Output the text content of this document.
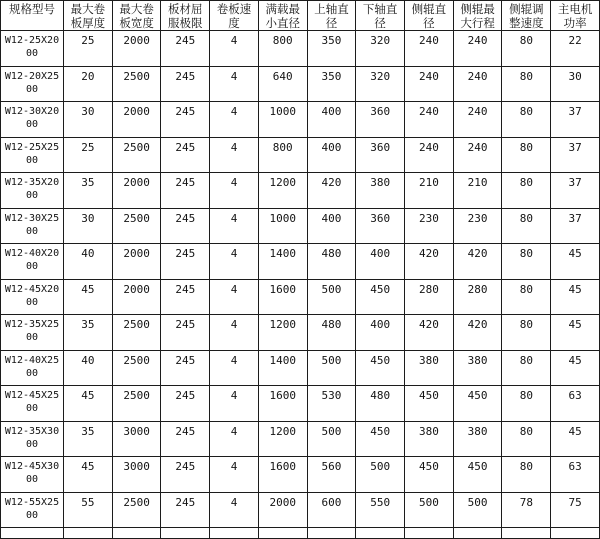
规格型号	最大卷板厚度	最大卷板宽度	板材屈服极限	卷板速度	满载最小直径	上轴直径	下轴直径	侧辊直径	侧辊最大行程	侧辊调整速度	主电机功率
W12-25X2000	25	2000	245	4	800	350	320	240	240	80	22
W12-20X2500	20	2500	245	4	640	350	320	240	240	80	30
W12-30X2000	30	2000	245	4	1000	400	360	240	240	80	37
W12-25X2500	25	2500	245	4	800	400	360	240	240	80	37
W12-35X2000	35	2000	245	4	1200	420	380	210	210	80	37
W12-30X2500	30	2500	245	4	1000	400	360	230	230	80	37
W12-40X2000	40	2000	245	4	1400	480	400	420	420	80	45
W12-45X2000	45	2000	245	4	1600	500	450	280	280	80	45
W12-35X2500	35	2500	245	4	1200	480	400	420	420	80	45
W12-40X2500	40	2500	245	4	1400	500	450	380	380	80	45
W12-45X2500	45	2500	245	4	1600	530	480	450	450	80	63
W12-35X3000	35	3000	245	4	1200	500	450	380	380	80	45
W12-45X3000	45	3000	245	4	1600	560	500	450	450	80	63
W12-55X2500	55	2500	245	4	2000	600	550	500	500	78	75
